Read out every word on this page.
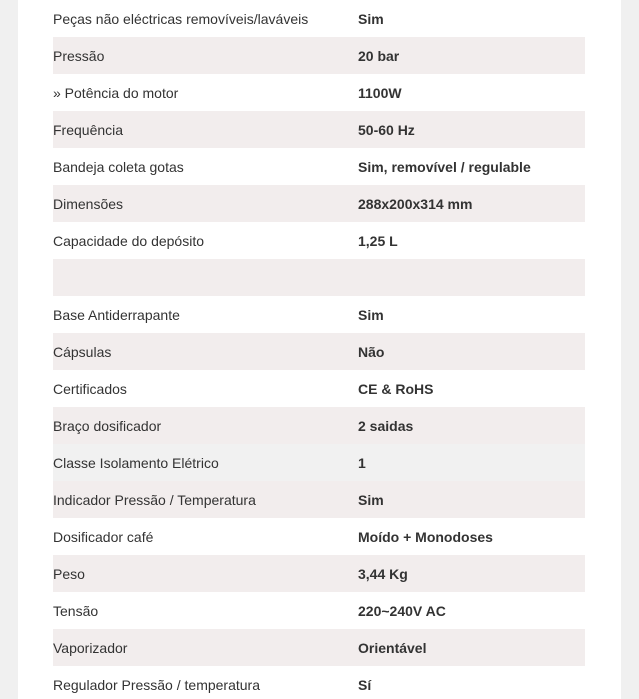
Peças não eléctricas removíveis/laváveis	Sim
Pressão	20 bar
» Potência do motor	1100W
Frequência	50-60 Hz
Bandeja coleta gotas	Sim, removível / regulable
Dimensões	288x200x314 mm
Capacidade do depósito	1,25 L
Base Antiderrapante	Sim
Cápsulas	Não
Certificados	CE & RoHS
Braço dosificador	2 saidas
Classe Isolamento Elétrico	1
Indicador Pressão / Temperatura	Sim
Dosificador café	Moído + Monodoses
Peso	3,44 Kg
Tensão	220~240V AC
Vaporizador	Orientável
Regulador Pressão / temperatura	Sí
